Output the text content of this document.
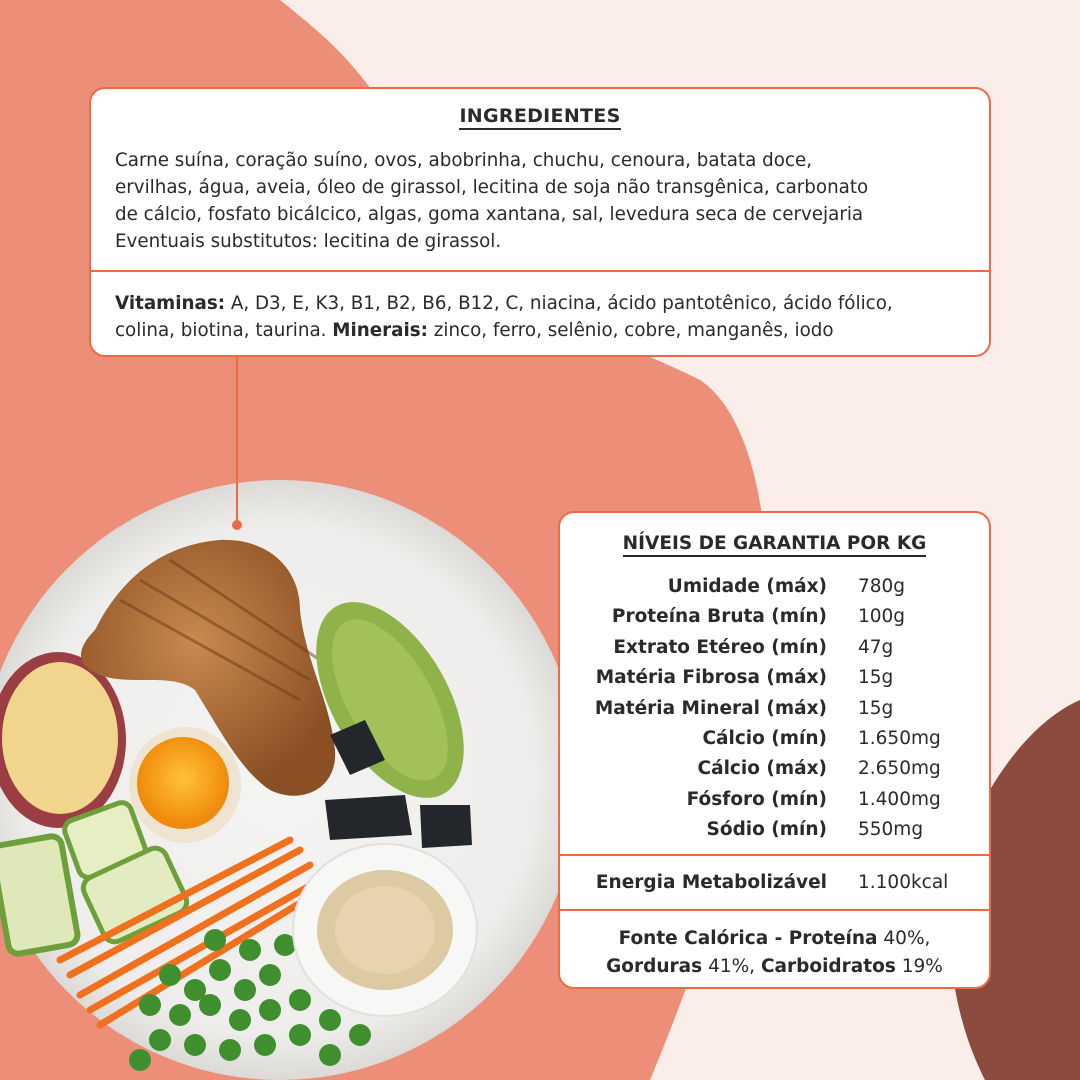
INGREDIENTES
Carne suína, coração suíno, ovos, abobrinha, chuchu, cenoura, batata doce,
ervilhas, água, aveia, óleo de girassol, lecitina de soja não transgênica, carbonato
de cálcio, fosfato bicálcico, algas, goma xantana, sal, levedura seca de cervejaria
Eventuais substitutos: lecitina de girassol.
Vitaminas: A, D3, E, K3, B1, B2, B6, B12, C, niacina, ácido pantotênico, ácido fólico,
colina, biotina, taurina. Minerais: zinco, ferro, selênio, cobre, manganês, iodo
NÍVEIS DE GARANTIA POR KG
Umidade (máx) 780g
Proteína Bruta (mín) 100g
Extrato Etéreo (mín) 47g
Matéria Fibrosa (máx) 15g
Matéria Mineral (máx) 15g
Cálcio (mín) 1.650mg
Cálcio (máx) 2.650mg
Fósforo (mín) 1.400mg
Sódio (mín) 550mg
Energia Metabolizável 1.100kcal
Fonte Calórica - Proteína 40%,
Gorduras 41%, Carboidratos 19%
